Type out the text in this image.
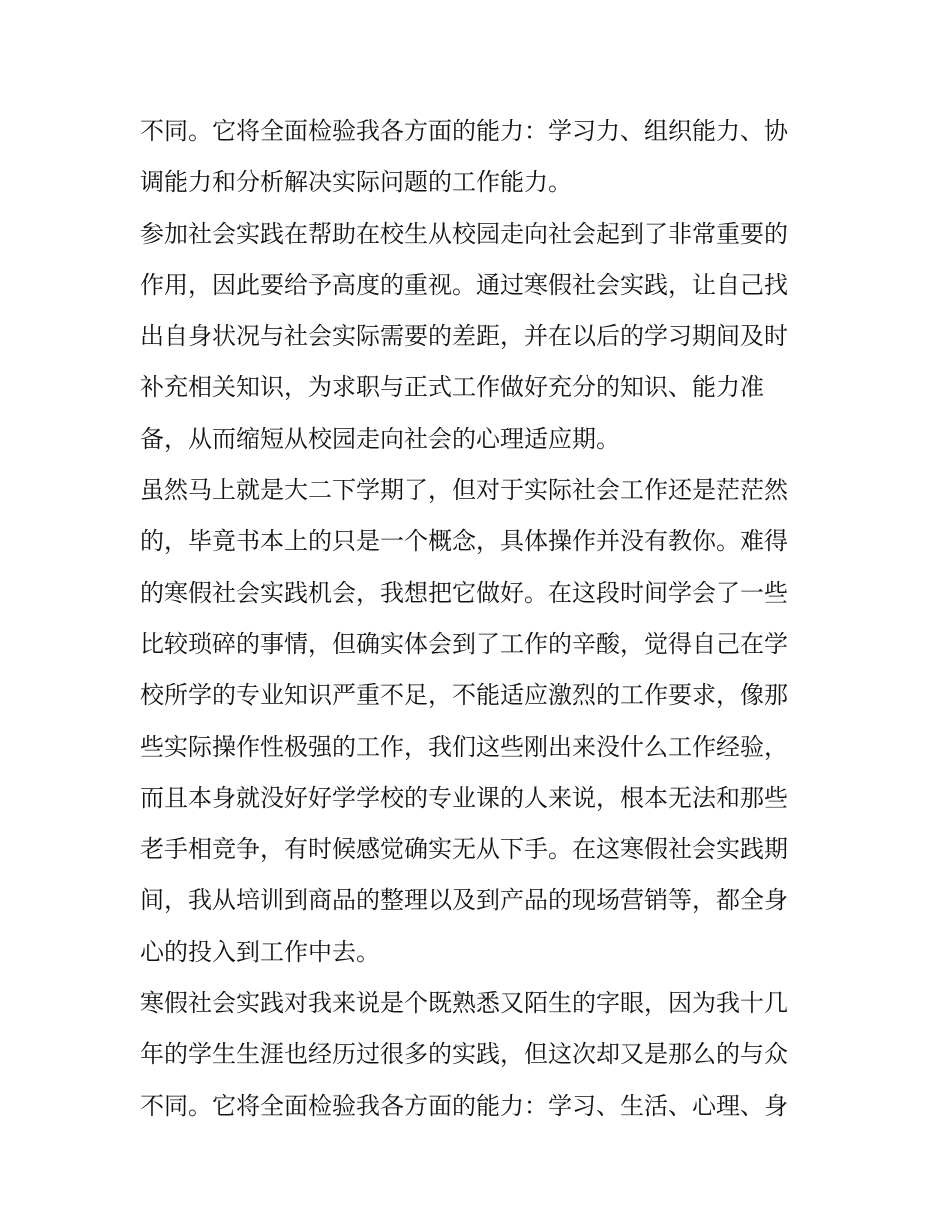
不同。它将全面检验我各方面的能力：学习力、组织能力、协
调能力和分析解决实际问题的工作能力。
参加社会实践在帮助在校生从校园走向社会起到了非常重要的
作用，因此要给予高度的重视。通过寒假社会实践，让自己找
出自身状况与社会实际需要的差距，并在以后的学习期间及时
补充相关知识，为求职与正式工作做好充分的知识、能力准
备，从而缩短从校园走向社会的心理适应期。
虽然马上就是大二下学期了，但对于实际社会工作还是茫茫然
的，毕竟书本上的只是一个概念，具体操作并没有教你。难得
的寒假社会实践机会，我想把它做好。在这段时间学会了一些
比较琐碎的事情，但确实体会到了工作的辛酸，觉得自己在学
校所学的专业知识严重不足，不能适应激烈的工作要求，像那
些实际操作性极强的工作，我们这些刚出来没什么工作经验，
而且本身就没好好学学校的专业课的人来说，根本无法和那些
老手相竞争，有时候感觉确实无从下手。在这寒假社会实践期
间，我从培训到商品的整理以及到产品的现场营销等，都全身
心的投入到工作中去。
寒假社会实践对我来说是个既熟悉又陌生的字眼，因为我十几
年的学生生涯也经历过很多的实践，但这次却又是那么的与众
不同。它将全面检验我各方面的能力：学习、生活、心理、身
